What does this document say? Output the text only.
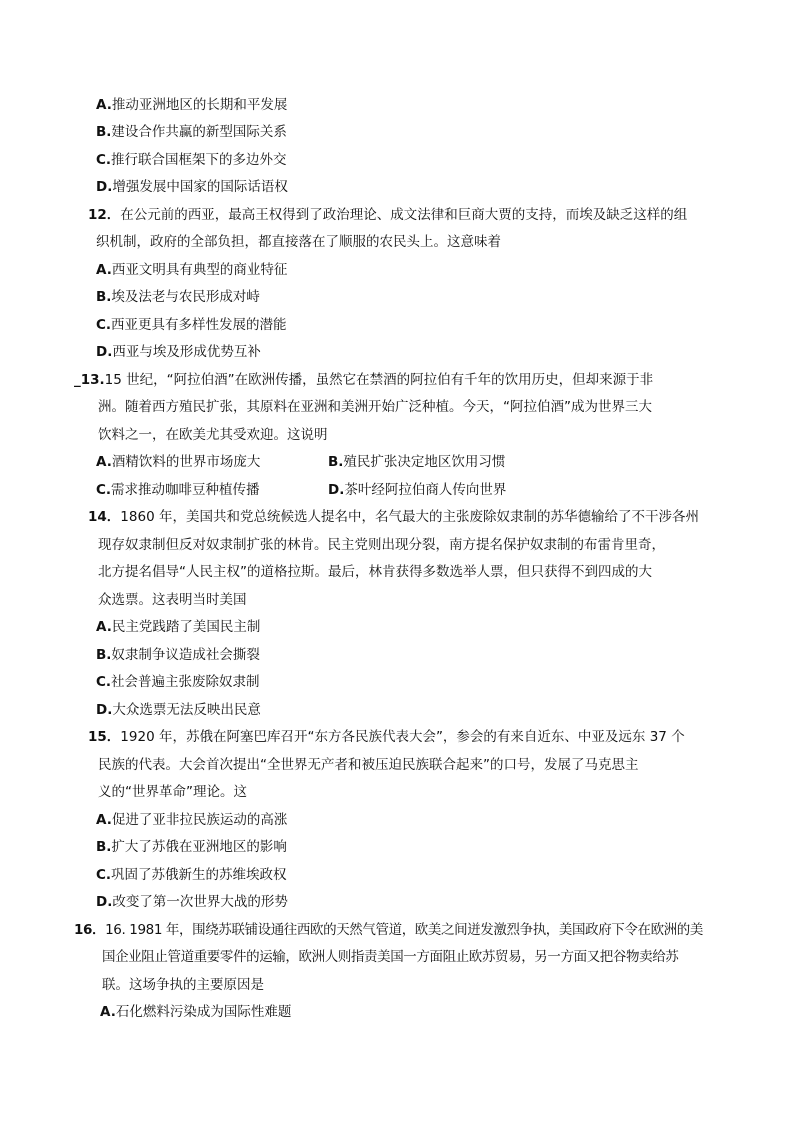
A.推动亚洲地区的长期和平发展
B.建设合作共赢的新型国际关系
C.推行联合国框架下的多边外交
D.增强发展中国家的国际话语权
12．在公元前的西亚，最高王权得到了政治理论、成文法律和巨商大贾的支持，而埃及缺乏这样的组
织机制，政府的全部负担，都直接落在了顺服的农民头上。这意味着
A.西亚文明具有典型的商业特征
B.埃及法老与农民形成对峙
C.西亚更具有多样性发展的潜能
D.西亚与埃及形成优势互补
_13.15 世纪，“阿拉伯酒”在欧洲传播，虽然它在禁酒的阿拉伯有千年的饮用历史，但却来源于非
洲。随着西方殖民扩张，其原料在亚洲和美洲开始广泛种植。今天，“阿拉伯酒”成为世界三大
饮料之一，在欧美尤其受欢迎。这说明
A.酒精饮料的世界市场庞大	B.殖民扩张决定地区饮用习惯
C.需求推动咖啡豆种植传播	D.茶叶经阿拉伯商人传向世界
14．1860 年，美国共和党总统候选人提名中，名气最大的主张废除奴隶制的苏华德输给了不干涉各州
现存奴隶制但反对奴隶制扩张的林肯。民主党则出现分裂，南方提名保护奴隶制的布雷肯里奇，
北方提名倡导“人民主权”的道格拉斯。最后，林肯获得多数选举人票，但只获得不到四成的大
众选票。这表明当时美国
A.民主党践踏了美国民主制
B.奴隶制争议造成社会撕裂
C.社会普遍主张废除奴隶制
D.大众选票无法反映出民意
15．1920 年，苏俄在阿塞巴库召开“东方各民族代表大会”，参会的有来自近东、中亚及远东 37 个
民族的代表。大会首次提出“全世界无产者和被压迫民族联合起来”的口号，发展了马克思主
义的“世界革命”理论。这
A.促进了亚非拉民族运动的高涨
B.扩大了苏俄在亚洲地区的影响
C.巩固了苏俄新生的苏维埃政权
D.改变了第一次世界大战的形势
16．16. 1981 年，围绕苏联铺设通往西欧的天然气管道，欧美之间迸发激烈争执，美国政府下令在欧洲的美
国企业阻止管道重要零件的运输，欧洲人则指责美国一方面阻止欧苏贸易，另一方面又把谷物卖给苏
联。这场争执的主要原因是
A.石化燃料污染成为国际性难题
